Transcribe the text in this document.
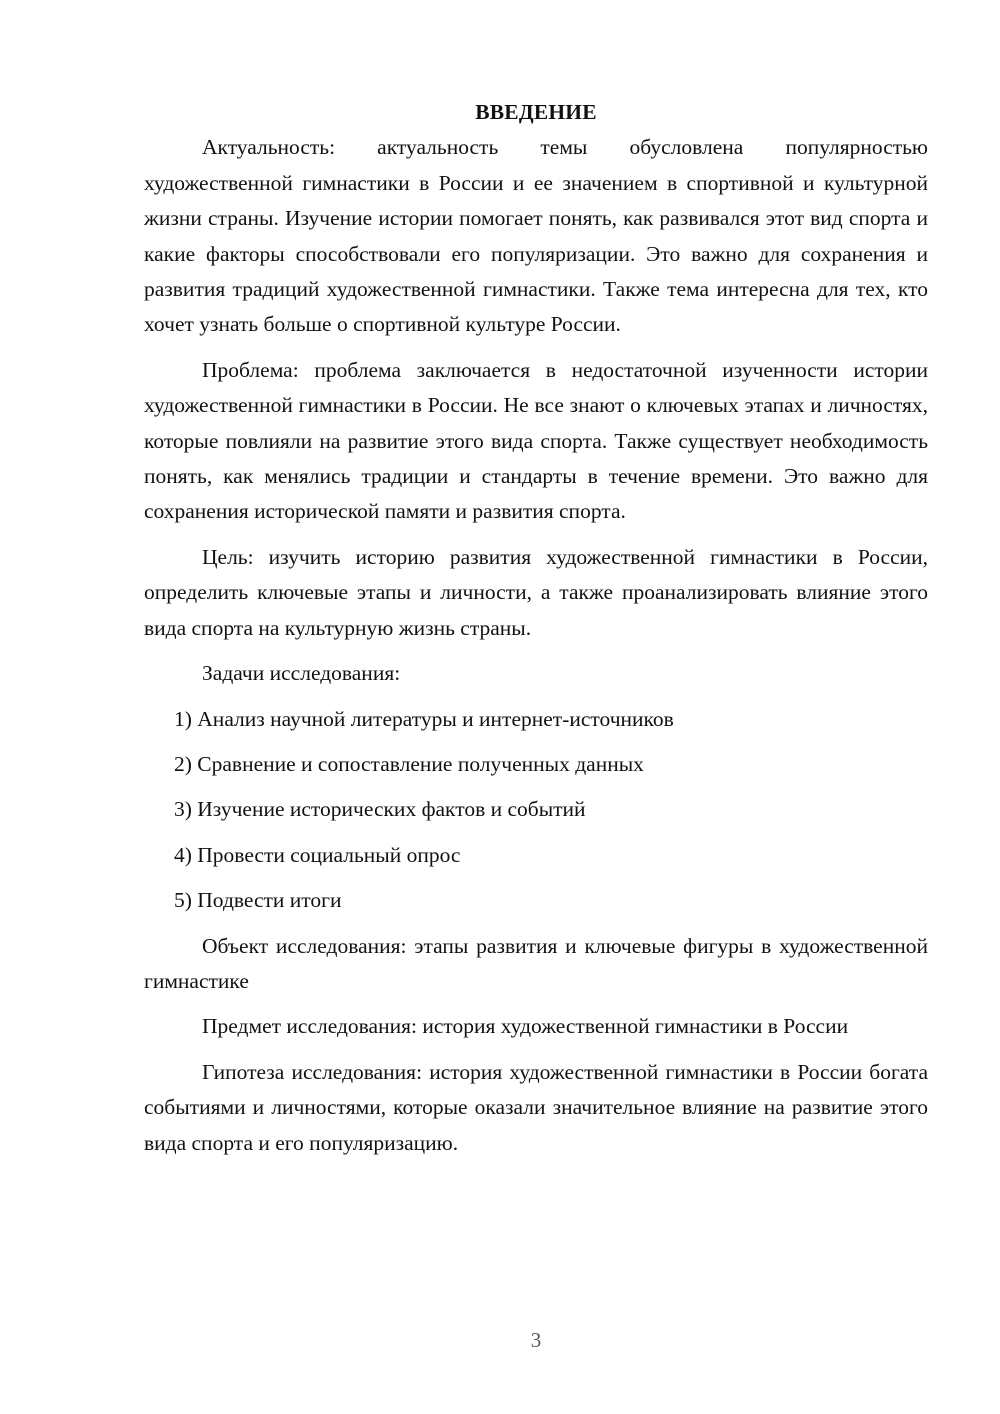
ВВЕДЕНИЕ

Актуальность: актуальность темы обусловлена популярностью художественной гимнастики в России и ее значением в спортивной и культурной жизни страны. Изучение истории помогает понять, как развивался этот вид спорта и какие факторы способствовали его популяризации. Это важно для сохранения и развития традиций художественной гимнастики. Также тема интересна для тех, кто хочет узнать больше о спортивной культуре России.

Проблема: проблема заключается в недостаточной изученности истории художественной гимнастики в России. Не все знают о ключевых этапах и личностях, которые повлияли на развитие этого вида спорта. Также существует необходимость понять, как менялись традиции и стандарты в течение времени. Это важно для сохранения исторической памяти и развития спорта.

Цель: изучить историю развития художественной гимнастики в России, определить ключевые этапы и личности, а также проанализировать влияние этого вида спорта на культурную жизнь страны.

Задачи исследования:

1) Анализ научной литературы и интернет-источников

2) Сравнение и сопоставление полученных данных

3) Изучение исторических фактов и событий

4) Провести социальный опрос

5) Подвести итоги

Объект исследования: этапы развития и ключевые фигуры в художественной гимнастике

Предмет исследования: история художественной гимнастики в России

Гипотеза исследования: история художественной гимнастики в России богата событиями и личностями, которые оказали значительное влияние на развитие этого вида спорта и его популяризацию.

3
